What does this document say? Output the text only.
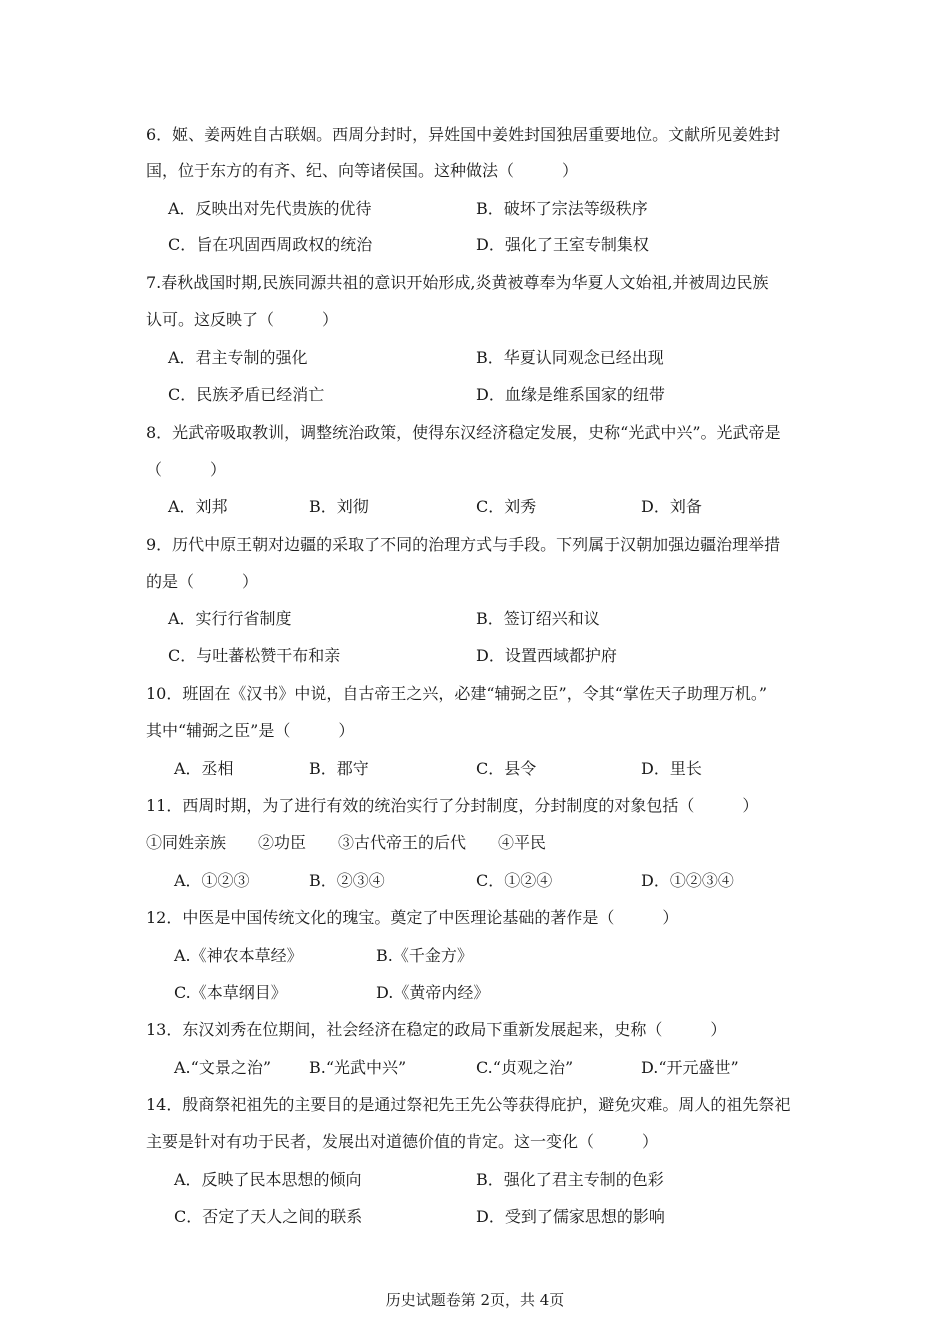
6．姬、姜两姓自古联姻。西周分封时，异姓国中姜姓封国独居重要地位。文献所见姜姓封
国，位于东方的有齐、纪、向等诸侯国。这种做法（　　　）
A．反映出对先代贵族的优待	B．破坏了宗法等级秩序
C．旨在巩固西周政权的统治	D．强化了王室专制集权
7.春秋战国时期,民族同源共祖的意识开始形成,炎黄被尊奉为华夏人文始祖,并被周边民族
认可。这反映了（　　　）
A．君主专制的强化	B．华夏认同观念已经出现
C．民族矛盾已经消亡	D．血缘是维系国家的纽带
8．光武帝吸取教训，调整统治政策，使得东汉经济稳定发展，史称“光武中兴”。光武帝是
（　　　）
A．刘邦	B．刘彻	C．刘秀	D．刘备
9．历代中原王朝对边疆的采取了不同的治理方式与手段。下列属于汉朝加强边疆治理举措
的是（　　　）
A．实行行省制度	B．签订绍兴和议
C．与吐蕃松赞干布和亲	D．设置西域都护府
10．班固在《汉书》中说，自古帝王之兴，必建“辅弼之臣”，令其“掌佐天子助理万机。”
其中“辅弼之臣”是（　　　）
A．丞相	B．郡守	C．县令	D．里长
11．西周时期，为了进行有效的统治实行了分封制度，分封制度的对象包括（　　　）
①同姓亲族　　②功臣　　③古代帝王的后代　　④平民
A．①②③	B．②③④	C．①②④	D．①②③④
12．中医是中国传统文化的瑰宝。奠定了中医理论基础的著作是（　　　）
A.《神农本草经》	B.《千金方》
C.《本草纲目》	D.《黄帝内经》
13．东汉刘秀在位期间，社会经济在稳定的政局下重新发展起来，史称（　　　）
A.“文景之治” B.“光武中兴”	C.“贞观之治”	D.“开元盛世”
14．殷商祭祀祖先的主要目的是通过祭祀先王先公等获得庇护，避免灾难。周人的祖先祭祀
主要是针对有功于民者，发展出对道德价值的肯定。这一变化（　　　）
A．反映了民本思想的倾向	B．强化了君主专制的色彩
C．否定了天人之间的联系	D．受到了儒家思想的影响
历史试题卷第 2页，共 4页
